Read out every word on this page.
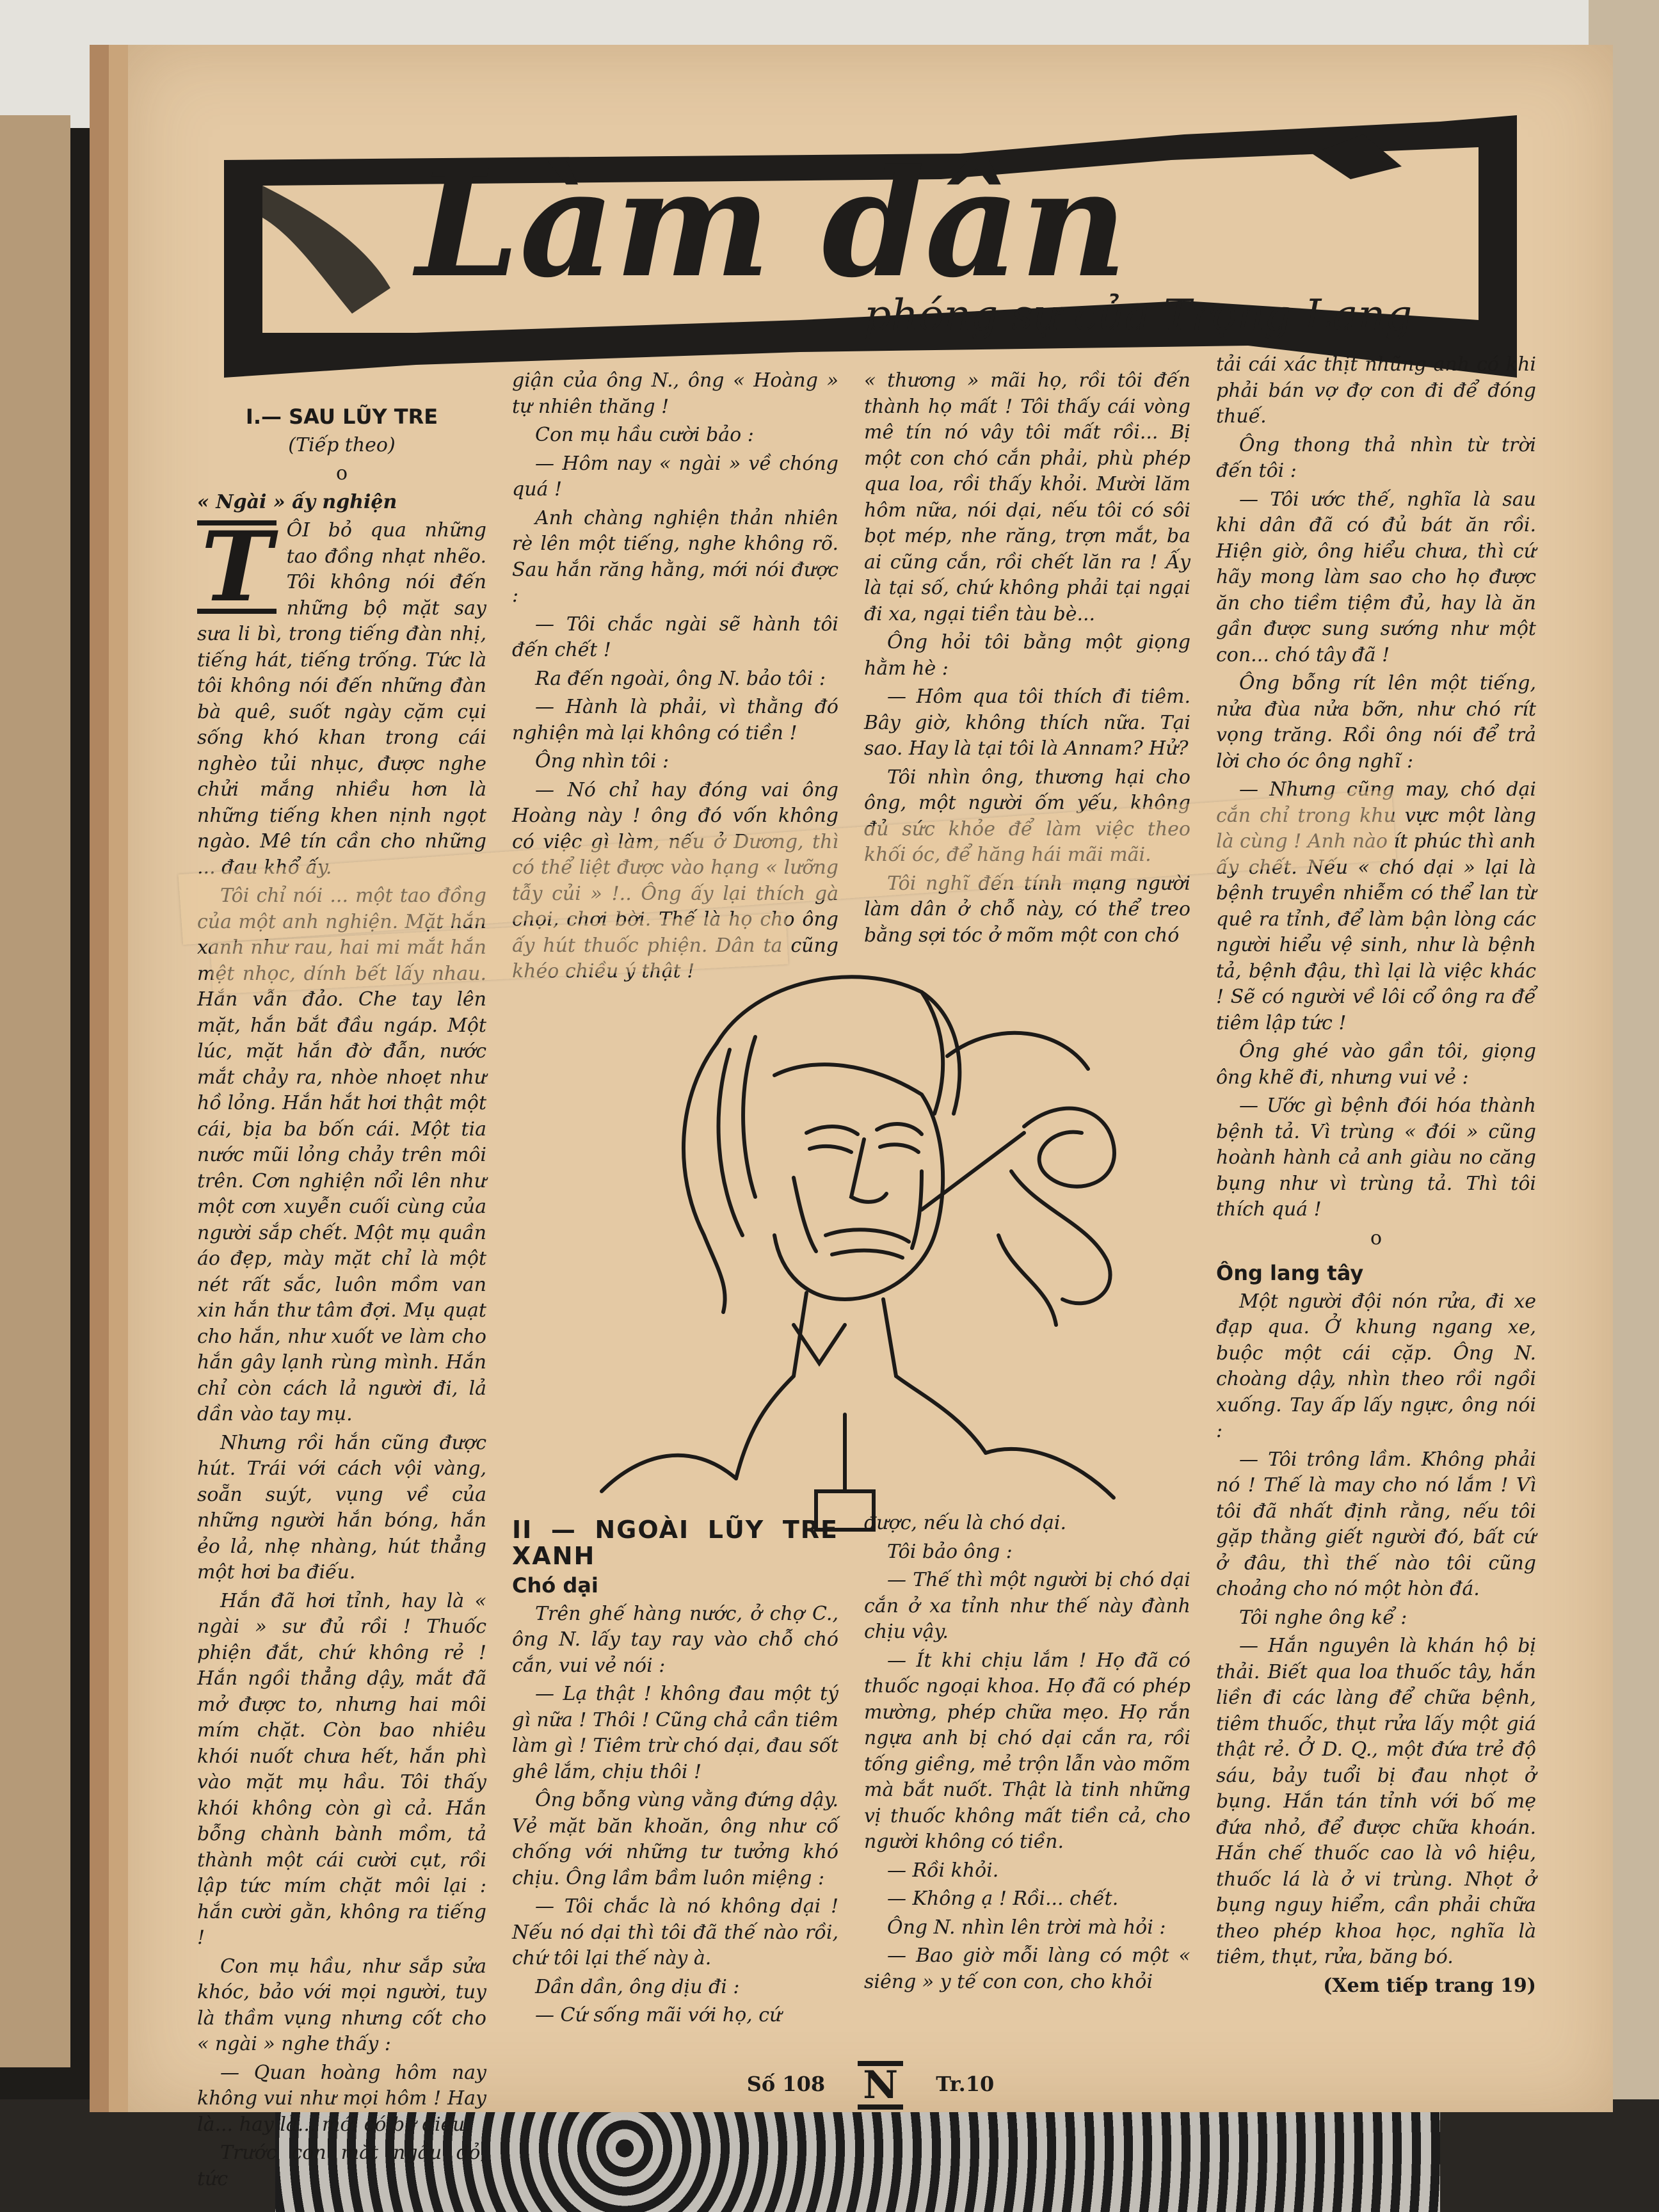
Làm dân
phóng sự của Trọng Lang
I.— SAU LŨY TRE

(Tiếp theo)

o

« Ngài » ấy nghiện

T ÔI bỏ qua những tao đồng nhạt nhẽo. Tôi không nói đến những bộ mặt say sưa li bì, trong tiếng đàn nhị, tiếng hát, tiếng trống. Tức là tôi không nói đến những đàn bà quê, suốt ngày cặm cụi sống khó khan trong cái nghèo tủi nhục, được nghe chửi mắng nhiều hơn là những tiếng khen nịnh ngọt ngào. Mê tín cần cho những ... đau khổ ấy.

Tôi chỉ nói ... một tao đồng của một anh nghiện. Mặt hắn xanh như rau, hai mi mắt hắn mệt nhọc, dính bết lấy nhau. Hắn vẫn đảo. Che tay lên mặt, hắn bắt đầu ngáp. Một lúc, mặt hắn đờ đẫn, nước mắt chảy ra, nhòe nhoẹt như hồ lỏng. Hắn hắt hơi thật một cái, bịa ba bốn cái. Một tia nước mũi lỏng chảy trên môi trên. Cơn nghiện nổi lên như một cơn xuyễn cuối cùng của người sắp chết. Một mụ quần áo đẹp, mày mặt chỉ là một nét rất sắc, luôn mồm van xin hắn thư tâm đợi. Mụ quạt cho hắn, như xuốt ve làm cho hắn gây lạnh rùng mình. Hắn chỉ còn cách lả người đi, lả dần vào tay mụ.

Nhưng rồi hắn cũng được hút. Trái với cách vội vàng, soẵn suýt, vụng về của những người hắn bóng, hắn ẻo lả, nhẹ nhàng, hút thẳng một hơi ba điếu.

Hắn đã hơi tỉnh, hay là « ngài » sư đủ rồi ! Thuốc phiện đắt, chứ không rẻ ! Hắn ngồi thẳng dậy, mắt đã mở được to, nhưng hai môi mím chặt. Còn bao nhiêu khói nuốt chưa hết, hắn phì vào mặt mụ hầu. Tôi thấy khói không còn gì cả. Hắn bỗng chành bành mồm, tả thành một cái cười cụt, rồi lập tức mím chặt môi lại : hắn cười gằn, không ra tiếng !

Con mụ hầu, như sắp sửa khóc, bảo với mọi người, tuy là thầm vụng nhưng cốt cho « ngài » nghe thấy :

— Quan hoàng hôm nay không vui như mọi hôm ! Hay là... hay là... mới có bơ điều.

Trước con mắt ngầu đỏ, tức

giận của ông N., ông « Hoàng » tự nhiên thăng !

Con mụ hầu cười bảo :

— Hôm nay « ngài » về chóng quá !

Anh chàng nghiện thản nhiên rè lên một tiếng, nghe không rõ. Sau hắn răng hằng, mới nói được :

— Tôi chắc ngài sẽ hành tôi đến chết !

Ra đến ngoài, ông N. bảo tôi :

— Hành là phải, vì thằng đó nghiện mà lại không có tiền !

Ông nhìn tôi :

— Nó chỉ hay đóng vai ông Hoàng này ! ông đó vốn không có việc gì làm, nếu ở Dương, thì có thể liệt được vào hạng « lưỡng tẫy củi » !.. Ông ấy lại thích gà chọi, chơi bời. Thế là họ cho ông ấy hút thuốc phiện. Dân ta cũng khéo chiều ý thật !

« thương » mãi họ, rồi tôi đến thành họ mất ! Tôi thấy cái vòng mê tín nó vây tôi mất rồi... Bị một con chó cắn phải, phù phép qua loa, rồi thấy khỏi. Mười lăm hôm nữa, nói dại, nếu tôi có sôi bọt mép, nhe răng, trợn mắt, ba ai cũng cắn, rồi chết lăn ra ! Ấy là tại số, chứ không phải tại ngại đi xa, ngại tiền tàu bè...

Ông hỏi tôi bằng một giọng hằm hè :

— Hôm qua tôi thích đi tiêm. Bây giờ, không thích nữa. Tại sao. Hay là tại tôi là Annam? Hử?

Tôi nhìn ông, thương hại cho ông, một người ốm yếu, không đủ sức khỏe để làm việc theo khối óc, để hăng hái mãi mãi.

Tôi nghĩ đến tính mạng người làm dân ở chỗ này, có thể treo bằng sợi tóc ở mõm một con chó

tải cái xác thịt những anh có khi phải bán vợ đợ con đi để đóng thuế.

Ông thong thả nhìn từ trời đến tôi :

— Tôi ước thế, nghĩa là sau khi dân đã có đủ bát ăn rồi. Hiện giờ, ông hiểu chưa, thì cứ hãy mong làm sao cho họ được ăn cho tiềm tiệm đủ, hay là ăn gần được sung sướng như một con... chó tây đã !

Ông bỗng rít lên một tiếng, nửa đùa nửa bỡn, như chó rít vọng trăng. Rồi ông nói để trả lời cho óc ông nghĩ :

— Nhưng cũng may, chó dại cắn chỉ trong khu vực một làng là cùng ! Anh nào ít phúc thì anh ấy chết. Nếu « chó dại » lại là bệnh truyền nhiễm có thể lan từ quê ra tỉnh, để làm bận lòng các người hiểu vệ sinh, như là bệnh tả, bệnh đậu, thì lại là việc khác ! Sẽ có người về lôi cổ ông ra để tiêm lập tức !

Ông ghé vào gần tôi, giọng ông khẽ đi, nhưng vui vẻ :

— Ước gì bệnh đói hóa thành bệnh tả. Vì trùng « đói » cũng hoành hành cả anh giàu no căng bụng như vì trùng tả. Thì tôi thích quá !

o

Ông lang tây

Một người đội nón rửa, đi xe đạp qua. Ở khung ngang xe, buộc một cái cặp. Ông N. choàng dậy, nhìn theo rồi ngồi xuống. Tay ấp lấy ngực, ông nói :

— Tôi trông lầm. Không phải nó ! Thế là may cho nó lắm ! Vì tôi đã nhất định rằng, nếu tôi gặp thằng giết người đó, bất cứ ở đâu, thì thế nào tôi cũng choảng cho nó một hòn đá.

Tôi nghe ông kể :

— Hắn nguyên là khán hộ bị thải. Biết qua loa thuốc tây, hắn liền đi các làng để chữa bệnh, tiêm thuốc, thụt rửa lấy một giá thật rẻ. Ở D. Q., một đứa trẻ độ sáu, bảy tuổi bị đau nhọt ở bụng. Hắn tán tỉnh với bố mẹ đứa nhỏ, để được chữa khoán. Hắn chế thuốc cao là vô hiệu, thuốc lá là ở vi trùng. Nhọt ở bụng nguy hiểm, cần phải chữa theo phép khoa học, nghĩa là tiêm, thụt, rửa, băng bó.

(Xem tiếp trang 19)

II — NGOÀI LŨY TRE XANH
Chó dại

Trên ghế hàng nước, ở chợ C., ông N. lấy tay ray vào chỗ chó cắn, vui vẻ nói :

— Lạ thật ! không đau một tý gì nữa ! Thôi ! Cũng chả cần tiêm làm gì ! Tiêm trừ chó dại, đau sốt ghê lắm, chịu thôi !

Ông bỗng vùng vằng đứng dậy. Vẻ mặt băn khoăn, ông như cố chống với những tư tưởng khó chịu. Ông lầm bầm luôn miệng :

— Tôi chắc là nó không dại ! Nếu nó dại thì tôi đã thế nào rồi, chứ tôi lại thế này à.

Dần dần, ông dịu đi :

— Cứ sống mãi với họ, cứ

được, nếu là chó dại.

Tôi bảo ông :

— Thế thì một người bị chó dại cắn ở xa tỉnh như thế này đành chịu vậy.

— Ít khi chịu lắm ! Họ đã có thuốc ngoại khoa. Họ đã có phép mường, phép chữa mẹo. Họ rắn ngựa anh bị chó dại cắn ra, rồi tống giềng, mẻ trộn lẫn vào mõm mà bắt nuốt. Thật là tinh những vị thuốc không mất tiền cả, cho người không có tiền.

— Rồi khỏi.

— Không ạ ! Rồi... chết.

Ông N. nhìn lên trời mà hỏi :

— Bao giờ mỗi làng có một « siêng » y tế con con, cho khỏi

Số 108 N Tr.10
